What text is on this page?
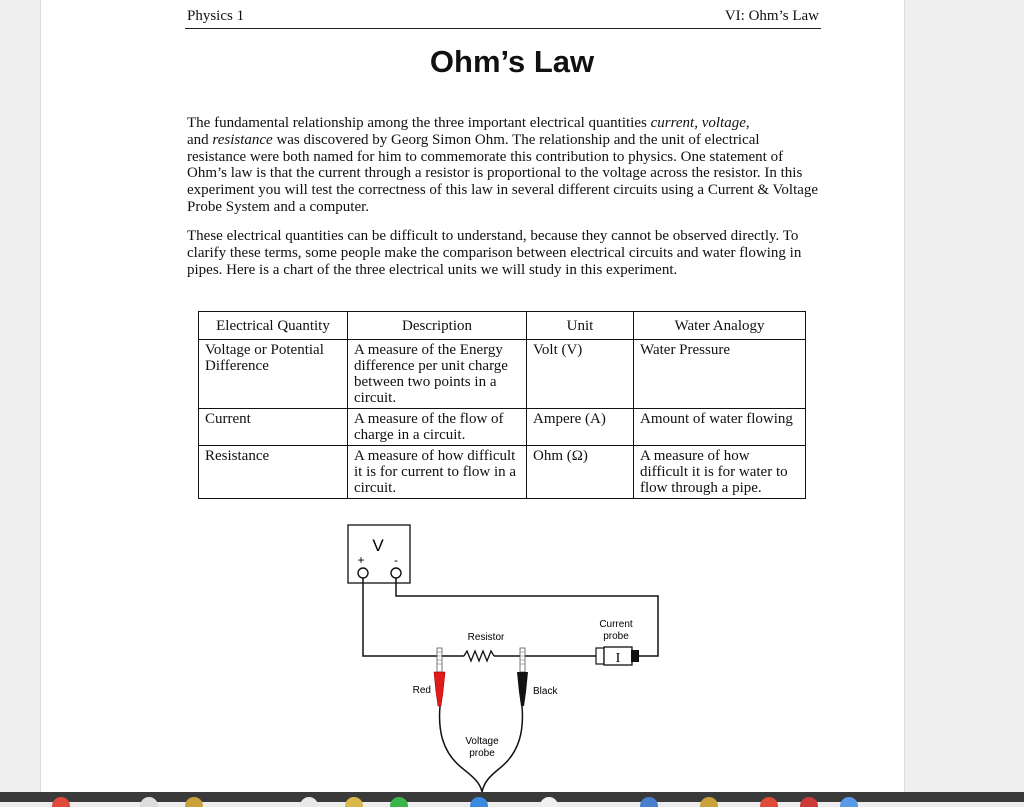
Physics 1	VI: Ohm’s Law
Ohm’s Law

The fundamental relationship among the three important electrical quantities current, voltage,
and resistance was discovered by Georg Simon Ohm. The relationship and the unit of electrical resistance were both named for him to commemorate this contribution to physics. One statement of Ohm’s law is that the current through a resistor is proportional to the voltage across the resistor. In this experiment you will test the correctness of this law in several different circuits using a Current & Voltage Probe System and a computer.

These electrical quantities can be difficult to understand, because they cannot be observed directly. To clarify these terms, some people make the comparison between electrical circuits and water flowing in pipes. Here is a chart of the three electrical units we will study in this experiment.

Electrical Quantity	Description	Unit	Water Analogy
Voltage or Potential Difference	A measure of the Energy difference per unit charge between two points in a circuit.	Volt (V)	Water Pressure
Current	A measure of the flow of charge in a circuit.	Ampere (A)	Amount of water flowing
Resistance	A measure of how difficult it is for current to flow in a circuit.	Ohm (Ω)	A measure of how difficult it is for water to flow through a pipe.
V
+ -
Resistor
Current
probe
I
Red	Black
Voltage
probe
